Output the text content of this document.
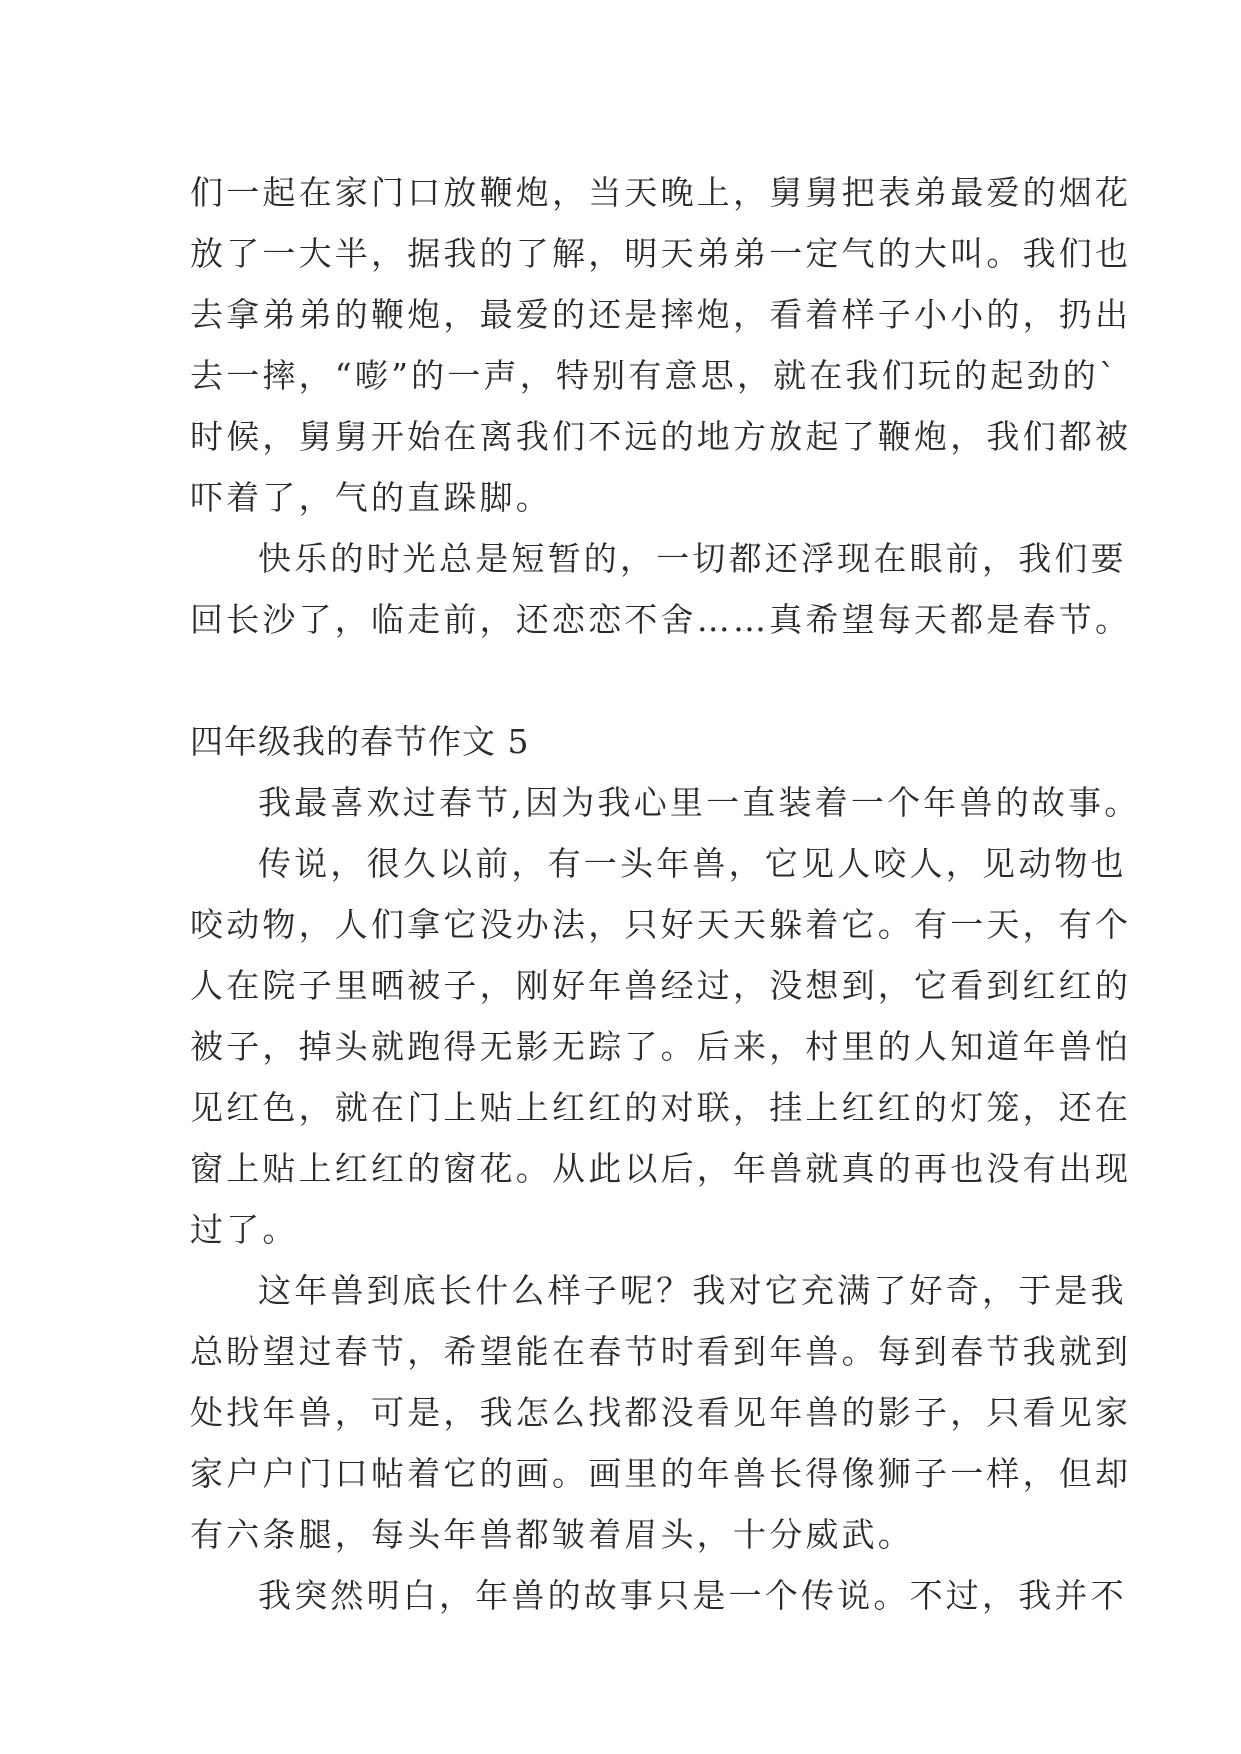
们一起在家门口放鞭炮，当天晚上，舅舅把表弟最爱的烟花
放了一大半，据我的了解，明天弟弟一定气的大叫。我们也
去拿弟弟的鞭炮，最爱的还是摔炮，看着样子小小的，扔出
去一摔，“嘭”的一声，特别有意思，就在我们玩的起劲的`
时候，舅舅开始在离我们不远的地方放起了鞭炮，我们都被
吓着了，气的直跺脚。
快乐的时光总是短暂的，一切都还浮现在眼前，我们要
回长沙了，临走前，还恋恋不舍……真希望每天都是春节。
四年级我的春节作文 5
我最喜欢过春节,因为我心里一直装着一个年兽的故事。
传说，很久以前，有一头年兽，它见人咬人，见动物也
咬动物，人们拿它没办法，只好天天躲着它。有一天，有个
人在院子里晒被子，刚好年兽经过，没想到，它看到红红的
被子，掉头就跑得无影无踪了。后来，村里的人知道年兽怕
见红色，就在门上贴上红红的对联，挂上红红的灯笼，还在
窗上贴上红红的窗花。从此以后，年兽就真的再也没有出现
过了。
这年兽到底长什么样子呢？我对它充满了好奇，于是我
总盼望过春节，希望能在春节时看到年兽。每到春节我就到
处找年兽，可是，我怎么找都没看见年兽的影子，只看见家
家户户门口帖着它的画。画里的年兽长得像狮子一样，但却
有六条腿，每头年兽都皱着眉头，十分威武。
我突然明白，年兽的故事只是一个传说。不过，我并不
